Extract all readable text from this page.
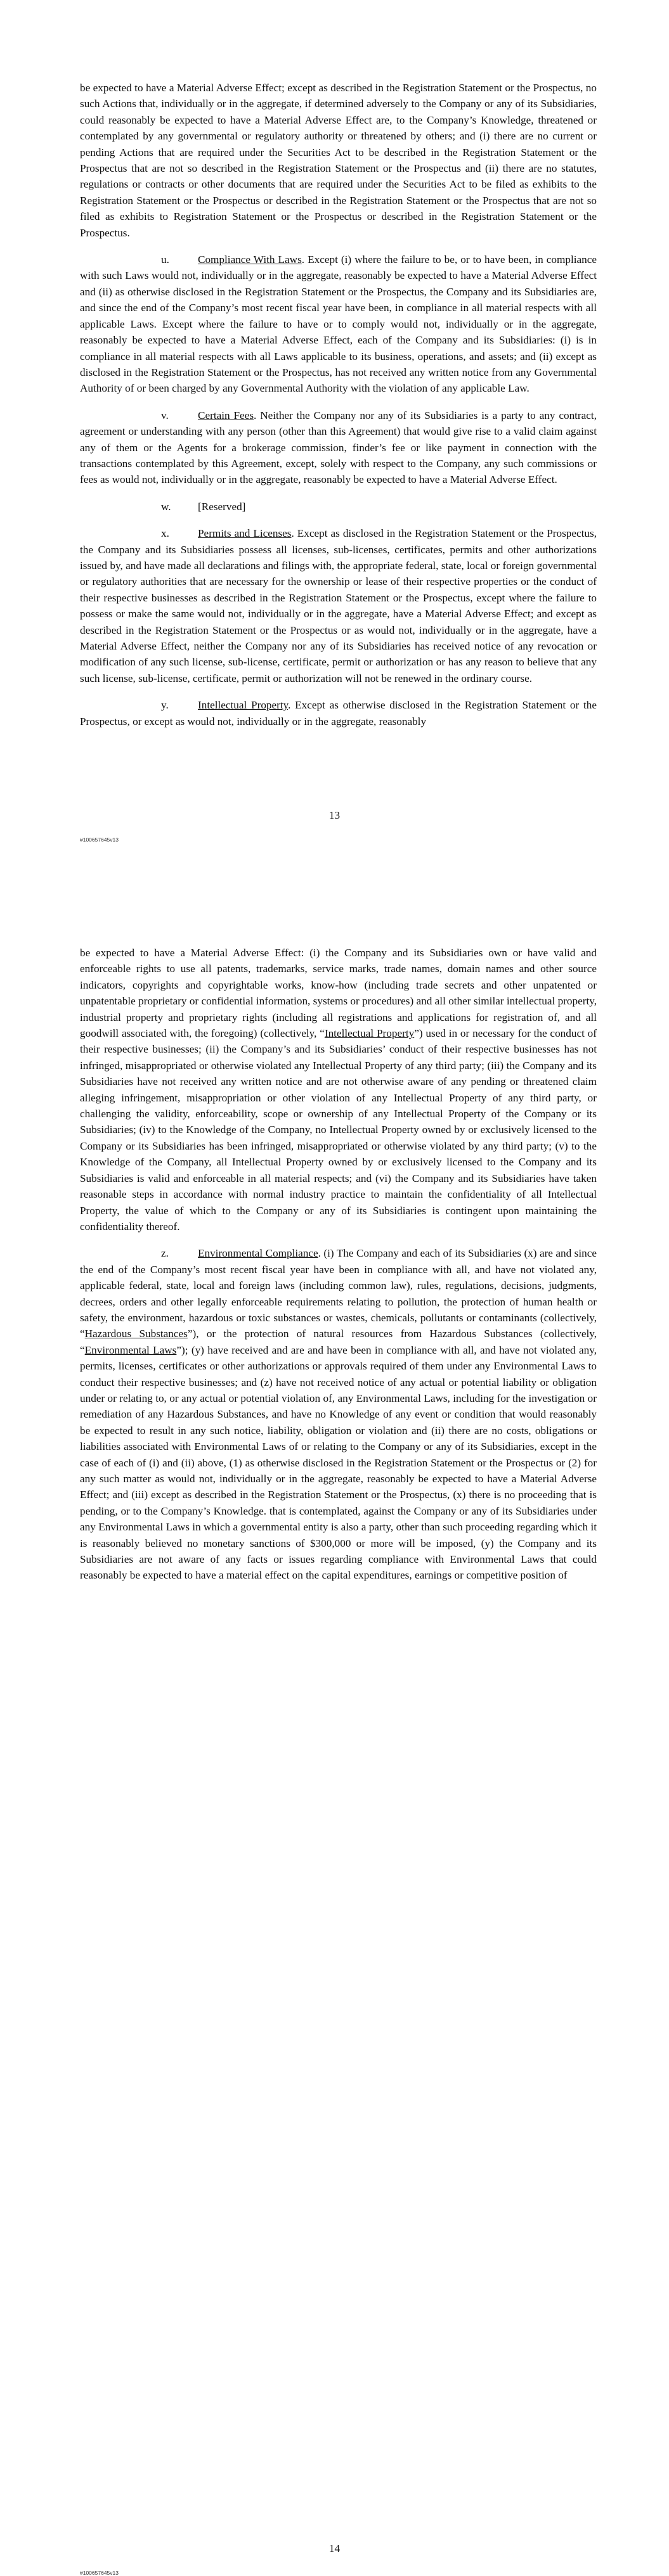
be expected to have a Material Adverse Effect; except as described in the Registration Statement or the Prospectus, no such Actions that, individually or in the aggregate, if determined adversely to the Company or any of its Subsidiaries, could reasonably be expected to have a Material Adverse Effect are, to the Company’s Knowledge, threatened or contemplated by any governmental or regulatory authority or threatened by others; and (i) there are no current or pending Actions that are required under the Securities Act to be described in the Registration Statement or the Prospectus that are not so described in the Registration Statement or the Prospectus and (ii) there are no statutes, regulations or contracts or other documents that are required under the Securities Act to be filed as exhibits to the Registration Statement or the Prospectus or described in the Registration Statement or the Prospectus that are not so filed as exhibits to Registration Statement or the Prospectus or described in the Registration Statement or the Prospectus.

u.	Compliance With Laws. Except (i) where the failure to be, or to have been, in compliance with such Laws would not, individually or in the aggregate, reasonably be expected to have a Material Adverse Effect and (ii) as otherwise disclosed in the Registration Statement or the Prospectus, the Company and its Subsidiaries are, and since the end of the Company’s most recent fiscal year have been, in compliance in all material respects with all applicable Laws. Except where the failure to have or to comply would not, individually or in the aggregate, reasonably be expected to have a Material Adverse Effect, each of the Company and its Subsidiaries: (i) is in compliance in all material respects with all Laws applicable to its business, operations, and assets; and (ii) except as disclosed in the Registration Statement or the Prospectus, has not received any written notice from any Governmental Authority of or been charged by any Governmental Authority with the violation of any applicable Law.

v.	Certain Fees. Neither the Company nor any of its Subsidiaries is a party to any contract, agreement or understanding with any person (other than this Agreement) that would give rise to a valid claim against any of them or the Agents for a brokerage commission, finder’s fee or like payment in connection with the transactions contemplated by this Agreement, except, solely with respect to the Company, any such commissions or fees as would not, individually or in the aggregate, reasonably be expected to have a Material Adverse Effect.

w. [Reserved]

x.	Permits and Licenses. Except as disclosed in the Registration Statement or the Prospectus, the Company and its Subsidiaries possess all licenses, sub-licenses, certificates, permits and other authorizations issued by, and have made all declarations and filings with, the appropriate federal, state, local or foreign governmental or regulatory authorities that are necessary for the ownership or lease of their respective properties or the conduct of their respective businesses as described in the Registration Statement or the Prospectus, except where the failure to possess or make the same would not, individually or in the aggregate, have a Material Adverse Effect; and except as described in the Registration Statement or the Prospectus or as would not, individually or in the aggregate, have a Material Adverse Effect, neither the Company nor any of its Subsidiaries has received notice of any revocation or modification of any such license, sub-license, certificate, permit or authorization or has any reason to believe that any such license, sub-license, certificate, permit or authorization will not be renewed in the ordinary course.

y.	Intellectual Property. Except as otherwise disclosed in the Registration Statement or the Prospectus, or except as would not, individually or in the aggregate, reasonably

13
#100657645v13

be expected to have a Material Adverse Effect: (i) the Company and its Subsidiaries own or have valid and enforceable rights to use all patents, trademarks, service marks, trade names, domain names and other source indicators, copyrights and copyrightable works, know-how (including trade secrets and other unpatented or unpatentable proprietary or confidential information, systems or procedures) and all other similar intellectual property, industrial property and proprietary rights (including all registrations and applications for registration of, and all goodwill associated with, the foregoing) (collectively, “Intellectual Property”) used in or necessary for the conduct of their respective businesses; (ii) the Company’s and its Subsidiaries’ conduct of their respective businesses has not infringed, misappropriated or otherwise violated any Intellectual Property of any third party; (iii) the Company and its Subsidiaries have not received any written notice and are not otherwise aware of any pending or threatened claim alleging infringement, misappropriation or other violation of any Intellectual Property of any third party, or challenging the validity, enforceability, scope or ownership of any Intellectual Property of the Company or its Subsidiaries; (iv) to the Knowledge of the Company, no Intellectual Property owned by or exclusively licensed to the Company or its Subsidiaries has been infringed, misappropriated or otherwise violated by any third party; (v) to the Knowledge of the Company, all Intellectual Property owned by or exclusively licensed to the Company and its Subsidiaries is valid and enforceable in all material respects; and (vi) the Company and its Subsidiaries have taken reasonable steps in accordance with normal industry practice to maintain the confidentiality of all Intellectual Property, the value of which to the Company or any of its Subsidiaries is contingent upon maintaining the confidentiality thereof.

z.	Environmental Compliance. (i) The Company and each of its Subsidiaries (x) are and since the end of the Company’s most recent fiscal year have been in compliance with all, and have not violated any, applicable federal, state, local and foreign laws (including common law), rules, regulations, decisions, judgments, decrees, orders and other legally enforceable requirements relating to pollution, the protection of human health or safety, the environment, hazardous or toxic substances or wastes, chemicals, pollutants or contaminants (collectively, “Hazardous Substances”), or the protection of natural resources from Hazardous Substances (collectively, “Environmental Laws”); (y) have received and are and have been in compliance with all, and have not violated any, permits, licenses, certificates or other authorizations or approvals required of them under any Environmental Laws to conduct their respective businesses; and (z) have not received notice of any actual or potential liability or obligation under or relating to, or any actual or potential violation of, any Environmental Laws, including for the investigation or remediation of any Hazardous Substances, and have no Knowledge of any event or condition that would reasonably be expected to result in any such notice, liability, obligation or violation and (ii) there are no costs, obligations or liabilities associated with Environmental Laws of or relating to the Company or any of its Subsidiaries, except in the case of each of (i) and (ii) above, (1) as otherwise disclosed in the Registration Statement or the Prospectus or (2) for any such matter as would not, individually or in the aggregate, reasonably be expected to have a Material Adverse Effect; and (iii) except as described in the Registration Statement or the Prospectus, (x) there is no proceeding that is pending, or to the Company’s Knowledge. that is contemplated, against the Company or any of its Subsidiaries under any Environmental Laws in which a governmental entity is also a party, other than such proceeding regarding which it is reasonably believed no monetary sanctions of $300,000 or more will be imposed, (y) the Company and its Subsidiaries are not aware of any facts or issues regarding compliance with Environmental Laws that could reasonably be expected to have a material effect on the capital expenditures, earnings or competitive position of

14
#100657645v13
